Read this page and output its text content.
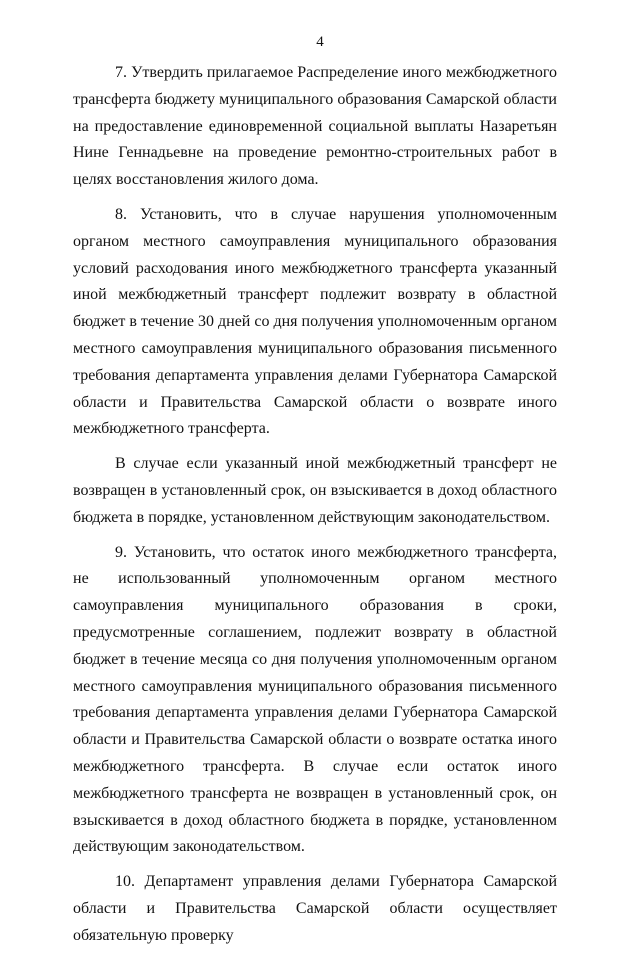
4

7. Утвердить прилагаемое Распределение иного межбюджетного трансферта бюджету муниципального образования Самарской области на предоставление единовременной социальной выплаты Назаретьян Нине Геннадьевне на проведение ремонтно-строительных работ в целях восстановления жилого дома.

8. Установить, что в случае нарушения уполномоченным органом местного самоуправления муниципального образования условий расходования иного межбюджетного трансферта указанный иной межбюджетный трансферт подлежит возврату в областной бюджет в течение 30 дней со дня получения уполномоченным органом местного самоуправления муниципального образования письменного требования департамента управления делами Губернатора Самарской области и Правительства Самарской области о возврате иного межбюджетного трансферта.

В случае если указанный иной межбюджетный трансферт не возвращен в установленный срок, он взыскивается в доход областного бюджета в порядке, установленном действующим законодательством.

9. Установить, что остаток иного межбюджетного трансферта, не использованный уполномоченным органом местного самоуправления муниципального образования в сроки, предусмотренные соглашением, подлежит возврату в областной бюджет в течение месяца со дня получения уполномоченным органом местного самоуправления муниципального образования письменного требования департамента управления делами Губернатора Самарской области и Правительства Самарской области о возврате остатка иного межбюджетного трансферта. В случае если остаток иного межбюджетного трансферта не возвращен в установленный срок, он взыскивается в доход областного бюджета в порядке, установленном действующим законодательством.

10. Департамент управления делами Губернатора Самарской области и Правительства Самарской области осуществляет обязательную проверку
